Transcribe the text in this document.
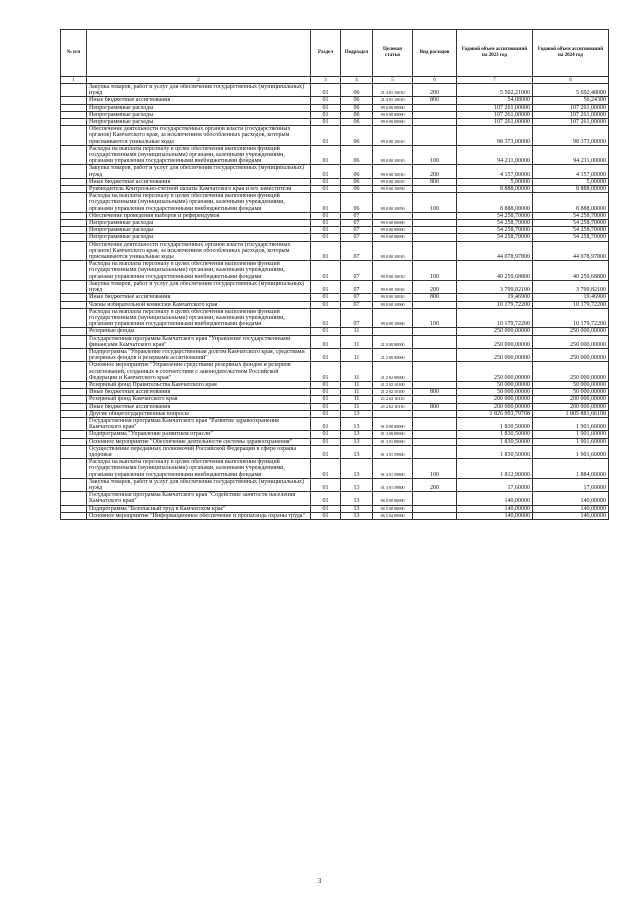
№ п/п		Раздел	Подраздел	Целевая статья	Вид расходов	Годовой объем ассигнований на 2023 год	Годовой объем ассигнований на 2024 год
1	2	3	4	5	6	7	8
	Закупка товаров, работ и услуг для обеспечения государственных (муниципальных) нужд	01	06	21 4 01 10010	200	5 502,21000	5 692,48000
	Иные бюджетные ассигнования	01	06	21 4 01 10010	800	54,08000	56,24300
	Непрограммные расходы	01	06	99 0 00 00000		107 261,00000	107 261,00000
	Непрограммные расходы	01	06	99 0 00 00000		107 261,00000	107 261,00000
	Непрограммные расходы	01	06	99 0 00 00000		107 261,00000	107 261,00000
	Обеспечение деятельности государственных органов власти (государственных органов) Камчатского края, за исключением обособленных расходов, которым присваиваются уникальные коды	01	06	99 0 00 10010		98 373,00000	98 373,00000
	Расходы на выплаты персоналу в целях обеспечения выполнения функций государственными (муниципальными) органами, казенными учреждениями, органами управления государственными внебюджетными фондами	01	06	99 0 00 10010	100	94 211,00000	94 211,00000
	Закупка товаров, работ и услуг для обеспечения государственных (муниципальных) нужд	01	06	99 0 00 10010	200	4 157,00000	4 157,00000
	Иные бюджетные ассигнования	01	06	99 0 00 10010	800	5,00000	5,00000
	Руководитель Контрольно-счетной палаты Камчатского края и его заместители	01	06	99 0 00 10050		8 888,00000	8 888,00000
	Расходы на выплаты персоналу в целях обеспечения выполнения функций государственными (муниципальными) органами, казенными учреждениями, органами управления государственными внебюджетными фондами	01	06	99 0 00 10050	100	8 888,00000	8 888,00000
	Обеспечение проведения выборов и референдумов	01	07			54 258,70000	54 258,70000
	Непрограммные расходы	01	07	99 0 00 00000		54 258,70000	54 258,70000
	Непрограммные расходы	01	07	99 0 00 00000		54 258,70000	54 258,70000
	Непрограммные расходы	01	07	99 0 00 00000		54 258,70000	54 258,70000
	Обеспечение деятельности государственных органов власти (государственных органов) Камчатского края, за исключением обособленных расходов, которым присваиваются уникальные коды	01	07	99 0 00 10010		44 078,97800	44 078,97800
	Расходы на выплаты персоналу в целях обеспечения выполнения функций государственными (муниципальными) органами, казенными учреждениями, органами управления государственными внебюджетными фондами	01	07	99 0 00 10010	100	40 259,68800	40 259,68800
	Закупка товаров, работ и услуг для обеспечения государственных (муниципальных) нужд	01	07	99 0 00 10010	200	3 799,82100	3 799,82100
	Иные бюджетные ассигнования	01	07	99 0 00 10010	800	19,46900	19,46900
	Члены избирательной комиссии Камчатского края	01	07	99 0 00 10060		10 179,72200	10 179,72200
	Расходы на выплаты персоналу в целях обеспечения выполнения функций государственными (муниципальными) органами, казенными учреждениями, органами управления государственными внебюджетными фондами	01	07	99 0 00 10060	100	10 179,72200	10 179,72200
	Резервные фонды	01	11			250 000,00000	250 000,00000
	Государственная программа Камчатского края "Управление государственными финансами Камчатского края"	01	11	21 0 00 00000		250 000,00000	250 000,00000
	Подпрограмма "Управление государственным долгом Камчатского края, средствами резервных фондов и резервами ассигнований"	01	11	21 2 00 00000		250 000,00000	250 000,00000
	Основное мероприятие "Управление средствами резервных фондов и резервов ассигнований, созданных в соответствии с законодательством Российской Федерации и Камчатского края"	01	11	21 2 02 00000		250 000,00000	250 000,00000
	Резервный фонд Правительства Камчатского края	01	11	21 2 02 10100		50 000,00000	50 000,00000
	Иные бюджетные ассигнования	01	11	21 2 02 10100	800	50 000,00000	50 000,00000
	Резервный фонд Камчатского края	01	11	21 2 02 10110		200 000,00000	200 000,00000
	Иные бюджетные ассигнования	01	11	21 2 02 10110	800	200 000,00000	200 000,00000
	Другие общегосударственные вопросы	01	13			1 826 993,79708	1 805 881,66108
	Государственная программа Камчатского края "Развитие здравоохранения Камчатского края"	01	13	01 0 00 00000		1 830,50000	1 901,60000
	Подпрограмма "Управление развитием отрасли"	01	13	01 3 00 00000		1 830,50000	1 901,60000
	Основное мероприятие "Обеспечение деятельности системы здравоохранения"	01	13	01 3 01 00000		1 830,50000	1 901,60000
	Осуществление переданных полномочий Российской Федерации в сфере охраны здоровья	01	13	01 3 01 59800		1 830,50000	1 901,60000
	Расходы на выплаты персоналу в целях обеспечения выполнения функций государственными (муниципальными) органами, казенными учреждениями, органами управления государственными внебюджетными фондами	01	13	01 3 01 59800	100	1 812,90000	1 884,00000
	Закупка товаров, работ и услуг для обеспечения государственных (муниципальных) нужд	01	13	01 3 01 59800	200	17,60000	17,60000
	Государственная программа Камчатского края "Содействие занятости населения Камчатского края"	01	13	06 0 00 00000		140,00000	140,00000
	Подпрограмма "Безопасный труд в Камчатском крае"	01	13	06 5 00 00000		140,00000	140,00000
	Основное мероприятие "Информационное обеспечение и пропаганда охраны труда"	01	13	06 5 04 00000		140,00000	140,00000
3
